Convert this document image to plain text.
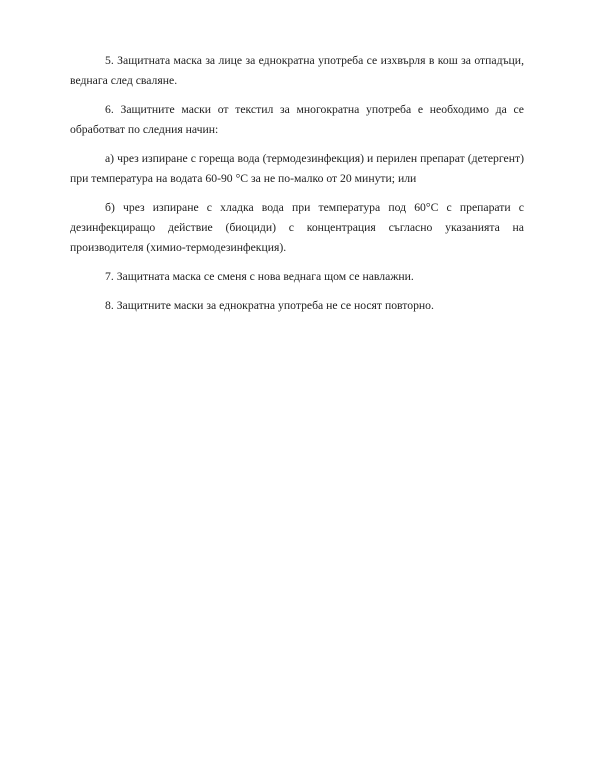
5. Защитната маска за лице за еднократна употреба се изхвърля в кош за отпадъци,
веднага след сваляне.

6. Защитните маски от текстил за многократна употреба е необходимо да се
обработват по следния начин:

а) чрез изпиране с гореща вода (термодезинфекция) и перилен препарат (детергент)
при температура на водата 60-90 °С за не по-малко от 20 минути; или

б) чрез изпиране с хладка вода при температура под 60°С с препарати с
дезинфекциращо действие (биоциди) с концентрация съгласно указанията на
производителя (химио-термодезинфекция).

7. Защитната маска се сменя с нова веднага щом се навлажни.

8. Защитните маски за еднократна употреба не се носят повторно.
